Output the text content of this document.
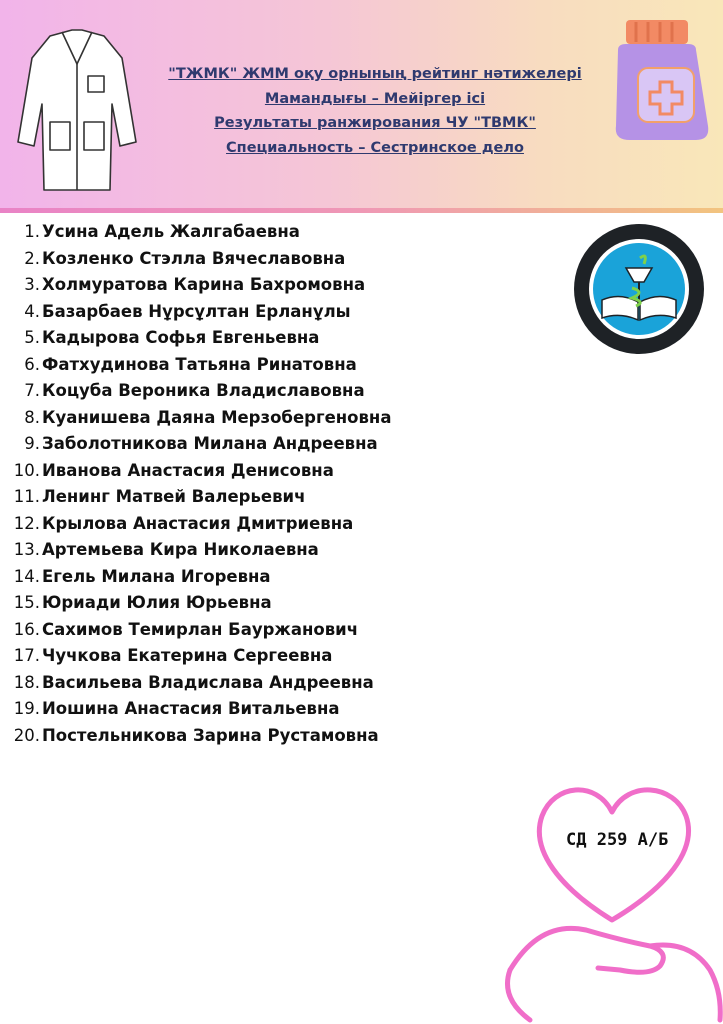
"ТЖМК" ЖММ оқу орнының рейтинг нәтижелері
Мамандығы – Мейіргер ісі
Результаты ранжирования ЧУ "ТВМК"
Специальность – Сестринское дело
1. Усина Адель Жалгабаевна
2. Козленко Стэлла Вячеславовна
3. Холмуратова Карина Бахромовна
4. Базарбаев Нұрсұлтан Ерланұлы
5. Кадырова Софья Евгеньевна
6. Фатхудинова Татьяна Ринатовна
7. Коцуба Вероника Владиславовна
8. Куанишева Даяна Мерзобергеновна
9. Заболотникова Милана Андреевна
10. Иванова Анастасия Денисовна
11. Ленинг Матвей Валерьевич
12. Крылова Анастасия Дмитриевна
13. Артемьева Кира Николаевна
14. Егель Милана Игоревна
15. Юриади Юлия Юрьевна
16. Сахимов Темирлан Бауржанович
17. Чучкова Екатерина Сергеевна
18. Васильева Владислава Андреевна
19. Иошина Анастасия Витальевна
20. Постельникова Зарина Рустамовна
СД 259 А/Б
